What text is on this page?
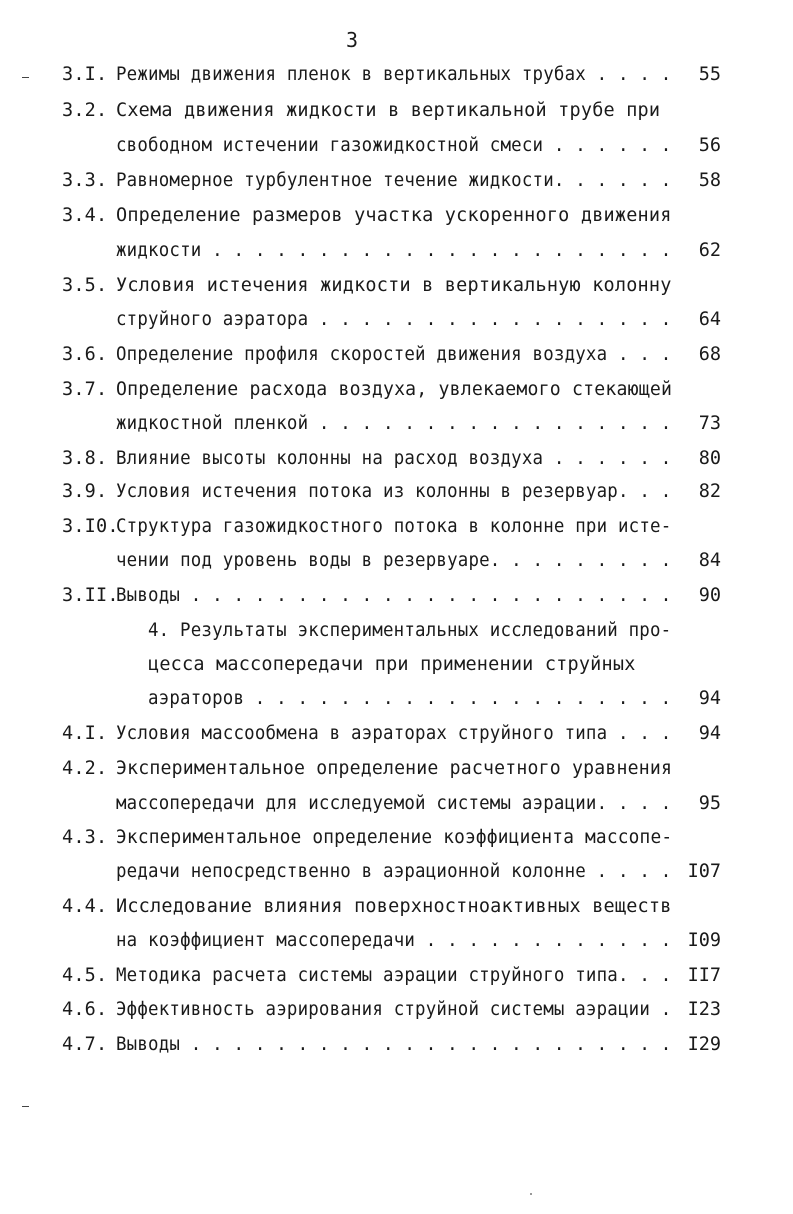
3
3.I. Режимы движения пленок в вертикальных трубах . . . . 55
3.2. Схема движения жидкости в вертикальной трубе при
свободном истечении газожидкостной смеси . . . . . . 56
3.3. Равномерное турбулентное течение жидкости. . . . . . 58
3.4. Определение размеров участка ускоренного движения
жидкости . . . . . . . . . . . . . . . . . . . . . . 62
3.5. Условия истечения жидкости в вертикальную колонну
струйного аэратора . . . . . . . . . . . . . . . . . 64
3.6. Определение профиля скоростей движения воздуха . . . 68
3.7. Определение расхода воздуха, увлекаемого стекающей
жидкостной пленкой . . . . . . . . . . . . . . . . . 73
3.8. Влияние высоты колонны на расход воздуха . . . . . . 80
3.9. Условия истечения потока из колонны в резервуар. . . 82
3.I0.
Структура газожидкостного потока в колонне при исте-
чении под уровень воды в резервуаре. . . . . . . . . 84
3.II.
Выводы . . . . . . . . . . . . . . . . . . . . . . . 90
4. Результаты экспериментальных исследований про-
цесса массопередачи при применении струйных
аэраторов . . . . . . . . . . . . . . . . . . . . 94
4.I. Условия массообмена в аэраторах струйного типа . . . 94
4.2. Экспериментальное определение расчетного уравнения
массопередачи для исследуемой системы аэрации. . . . 95
4.3. Экспериментальное определение коэффициента массопе-
редачи непосредственно в аэрационной колонне . . . . I07
4.4. Исследование влияния поверхностноактивных веществ
на коэффициент массопередачи . . . . . . . . . . . . I09
4.5. Методика расчета системы аэрации струйного типа. . . II7
4.6. Эффективность аэрирования струйной системы аэрации . I23
4.7. Выводы . . . . . . . . . . . . . . . . . . . . . . . I29
